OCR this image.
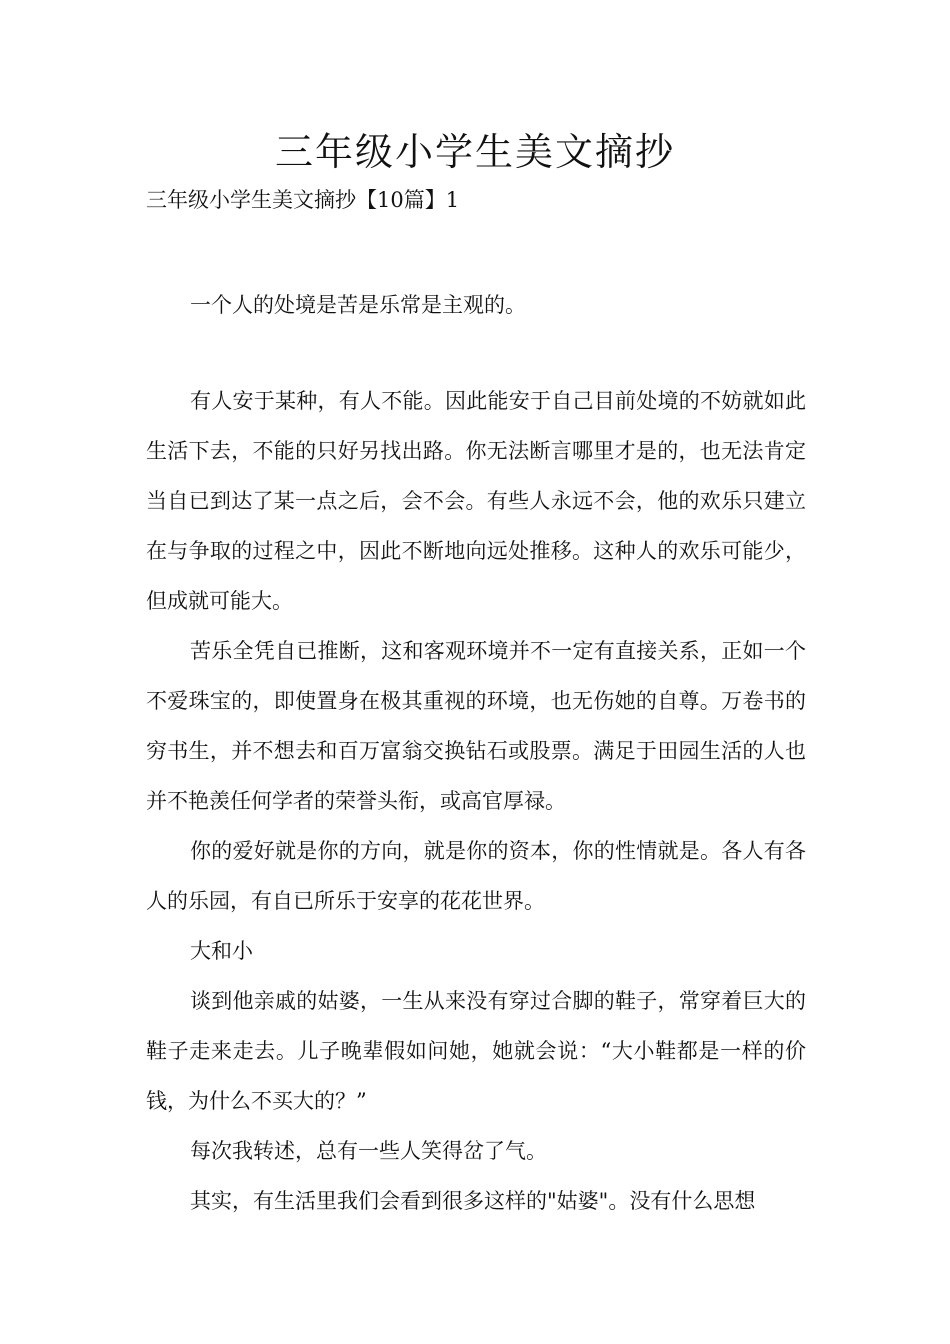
三年级小学生美文摘抄
三年级小学生美文摘抄【10篇】1

一个人的处境是苦是乐常是主观的。

有人安于某种，有人不能。因此能安于自己目前处境的不妨就如此生活下去，不能的只好另找出路。你无法断言哪里才是的，也无法肯定当自已到达了某一点之后，会不会。有些人永远不会，他的欢乐只建立在与争取的过程之中，因此不断地向远处推移。这种人的欢乐可能少，但成就可能大。

苦乐全凭自已推断，这和客观环境并不一定有直接关系，正如一个不爱珠宝的，即使置身在极其重视的环境，也无伤她的自尊。万卷书的穷书生，并不想去和百万富翁交换钻石或股票。满足于田园生活的人也并不艳羡任何学者的荣誉头衔，或高官厚禄。

你的爱好就是你的方向，就是你的资本，你的性情就是。各人有各人的乐园，有自已所乐于安享的花花世界。

大和小

谈到他亲戚的姑婆，一生从来没有穿过合脚的鞋子，常穿着巨大的鞋子走来走去。儿子晚辈假如问她，她就会说：“大小鞋都是一样的价钱，为什么不买大的？”

每次我转述，总有一些人笑得岔了气。

其实，有生活里我们会看到很多这样的"姑婆"。没有什么思想
